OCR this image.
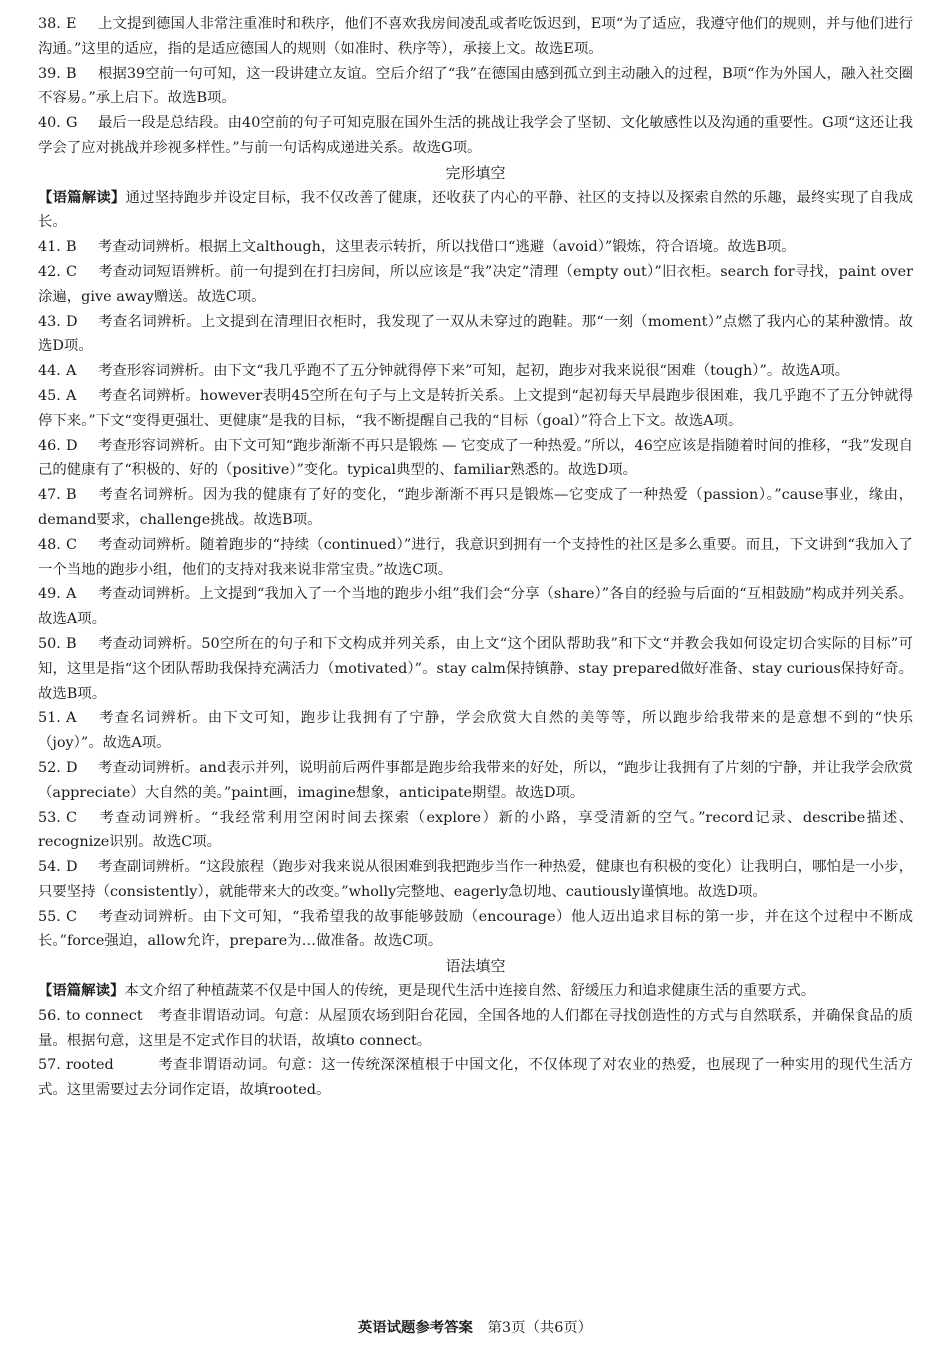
38. E 上文提到德国人非常注重准时和秩序，他们不喜欢我房间凌乱或者吃饭迟到，E项“为了适应，我遵守他们的规则，并与他们进行沟通。”这里的适应，指的是适应德国人的规则（如准时、秩序等），承接上文。故选E项。

39. B 根据39空前一句可知，这一段讲建立友谊。空后介绍了“我”在德国由感到孤立到主动融入的过程，B项“作为外国人，融入社交圈不容易。”承上启下。故选B项。

40. G 最后一段是总结段。由40空前的句子可知克服在国外生活的挑战让我学会了坚韧、文化敏感性以及沟通的重要性。G项“这还让我学会了应对挑战并珍视多样性。”与前一句话构成递进关系。故选G项。

完形填空

【语篇解读】通过坚持跑步并设定目标，我不仅改善了健康，还收获了内心的平静、社区的支持以及探索自然的乐趣，最终实现了自我成长。

41. B 考查动词辨析。根据上文although，这里表示转折，所以找借口“逃避（avoid）”锻炼，符合语境。故选B项。

42. C 考查动词短语辨析。前一句提到在打扫房间，所以应该是“我”决定“清理（empty out）”旧衣柜。search for寻找，paint over涂遍，give away赠送。故选C项。

43. D 考查名词辨析。上文提到在清理旧衣柜时，我发现了一双从未穿过的跑鞋。那“一刻（moment）”点燃了我内心的某种激情。故选D项。

44. A 考查形容词辨析。由下文“我几乎跑不了五分钟就得停下来”可知，起初，跑步对我来说很“困难（tough）”。故选A项。

45. A 考查名词辨析。however表明45空所在句子与上文是转折关系。上文提到“起初每天早晨跑步很困难，我几乎跑不了五分钟就得停下来。”下文“变得更强壮、更健康”是我的目标，“我不断提醒自己我的“目标（goal）”符合上下文。故选A项。

46. D 考查形容词辨析。由下文可知“跑步渐渐不再只是锻炼 — 它变成了一种热爱。”所以，46空应该是指随着时间的推移，“我”发现自己的健康有了“积极的、好的（positive）”变化。typical典型的、familiar熟悉的。故选D项。

47. B 考查名词辨析。因为我的健康有了好的变化，“跑步渐渐不再只是锻炼—它变成了一种热爱（passion）。”cause事业，缘由，demand要求，challenge挑战。故选B项。

48. C 考查动词辨析。随着跑步的“持续（continued）”进行，我意识到拥有一个支持性的社区是多么重要。而且，下文讲到“我加入了一个当地的跑步小组，他们的支持对我来说非常宝贵。”故选C项。

49. A 考查动词辨析。上文提到“我加入了一个当地的跑步小组”我们会“分享（share）”各自的经验与后面的“互相鼓励”构成并列关系。故选A项。

50. B 考查动词辨析。50空所在的句子和下文构成并列关系，由上文“这个团队帮助我”和下文“并教会我如何设定切合实际的目标”可知，这里是指“这个团队帮助我保持充满活力（motivated）”。stay calm保持镇静、stay prepared做好准备、stay curious保持好奇。故选B项。

51. A 考查名词辨析。由下文可知，跑步让我拥有了宁静，学会欣赏大自然的美等等，所以跑步给我带来的是意想不到的“快乐（joy）”。故选A项。

52. D 考查动词辨析。and表示并列，说明前后两件事都是跑步给我带来的好处，所以，“跑步让我拥有了片刻的宁静，并让我学会欣赏（appreciate）大自然的美。”paint画，imagine想象，anticipate期望。故选D项。

53. C 考查动词辨析。“我经常利用空闲时间去探索（explore）新的小路，享受清新的空气。”record记录、describe描述、recognize识别。故选C项。

54. D 考查副词辨析。“这段旅程（跑步对我来说从很困难到我把跑步当作一种热爱，健康也有积极的变化）让我明白，哪怕是一小步，只要坚持（consistently），就能带来大的改变。”wholly完整地、eagerly急切地、cautiously谨慎地。故选D项。

55. C 考查动词辨析。由下文可知，“我希望我的故事能够鼓励（encourage）他人迈出追求目标的第一步，并在这个过程中不断成长。”force强迫，allow允许，prepare为…做准备。故选C项。

语法填空

【语篇解读】本文介绍了种植蔬菜不仅是中国人的传统，更是现代生活中连接自然、舒缓压力和追求健康生活的重要方式。

56. to connect 考查非谓语动词。句意：从屋顶农场到阳台花园，全国各地的人们都在寻找创造性的方式与自然联系，并确保食品的质量。根据句意，这里是不定式作目的状语，故填to connect。

57. rooted	考查非谓语动词。句意：这一传统深深植根于中国文化，不仅体现了对农业的热爱，也展现了一种实用的现代生活方式。这里需要过去分词作定语，故填rooted。

英语试题参考答案 第3页（共6页）
